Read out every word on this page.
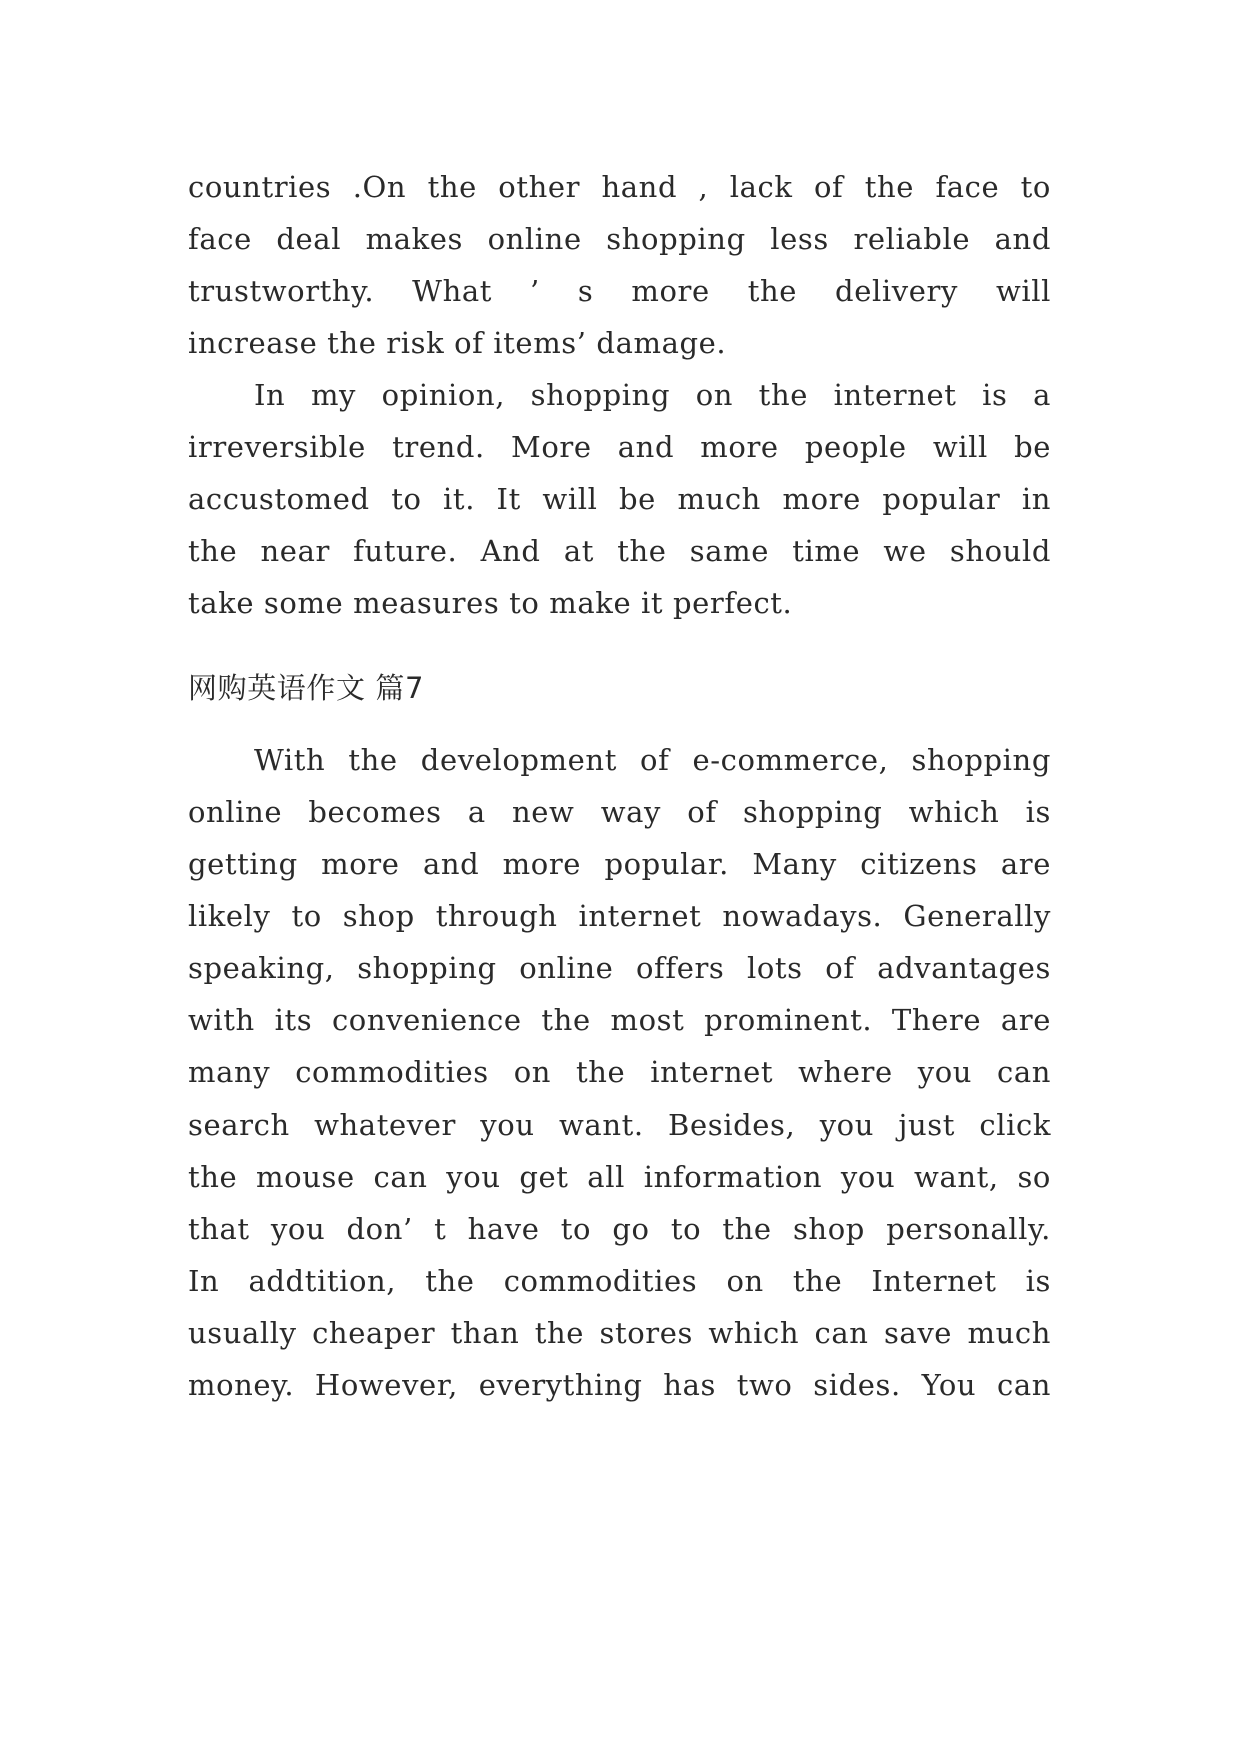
countries .On the other hand , lack of the face to
face deal makes online shopping less reliable and
trustworthy. What ’ s more the delivery will
increase the risk of items’ damage.
In my opinion, shopping on the internet is a
irreversible trend. More and more people will be
accustomed to it. It will be much more popular in
the near future. And at the same time we should
take some measures to make it perfect.
网购英语作文 篇7
With the development of e-commerce, shopping
online becomes a new way of shopping which is
getting more and more popular. Many citizens are
likely to shop through internet nowadays. Generally
speaking, shopping online offers lots of advantages
with its convenience the most prominent. There are
many commodities on the internet where you can
search whatever you want. Besides, you just click
the mouse can you get all information you want, so
that you don’ t have to go to the shop personally.
In addtition, the commodities on the Internet is
usually cheaper than the stores which can save much
money. However, everything has two sides. You can
